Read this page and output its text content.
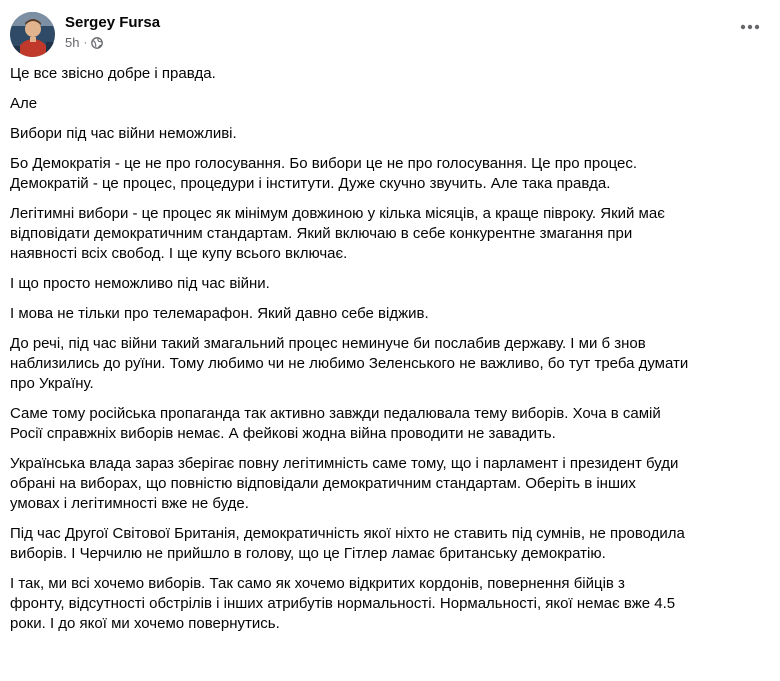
Sergey Fursa
5h ·

Це все звісно добре і правда.

Але

Вибори під час війни неможливі.

Бо Демократія - це не про голосування. Бо вибори це не про голосування. Це про процес.
Демократій - це процес, процедури і інститути. Дуже скучно звучить. Але така правда.

Легітимні вибори - це процес як мінімум довжиною у кілька місяців, а краще півроку. Який має
відповідати демократичним стандартам. Який включаю в себе конкурентне змагання при
наявності всіх свобод. І ще купу всього включає.

І що просто неможливо під час війни.

І мова не тільки про телемарафон. Який давно себе віджив.

До речі, під час війни такий змагальний процес неминуче би послабив державу. І ми б знов
наблизились до руїни. Тому любимо чи не любимо Зеленського не важливо, бо тут треба думати
про Україну.

Саме тому російська пропаганда так активно завжди педалювала тему виборів. Хоча в самій
Росії справжніх виборів немає. А фейкові жодна війна проводити не завадить.

Українська влада зараз зберігає повну легітимність саме тому, що і парламент і президент буди
обрані на виборах, що повністю відповідали демократичним стандартам. Оберіть в інших
умовах і легітимності вже не буде.

Під час Другої Світової Британія, демократичність якої ніхто не ставить під сумнів, не проводила
виборів. І Черчилю не прийшло в голову, що це Гітлер ламає британську демократію.

І так, ми всі хочемо виборів. Так само як хочемо відкритих кордонів, повернення бійців з
фронту, відсутності обстрілів і інших атрибутів нормальності. Нормальності, якої немає вже 4.5
роки. І до якої ми хочемо повернутись.
